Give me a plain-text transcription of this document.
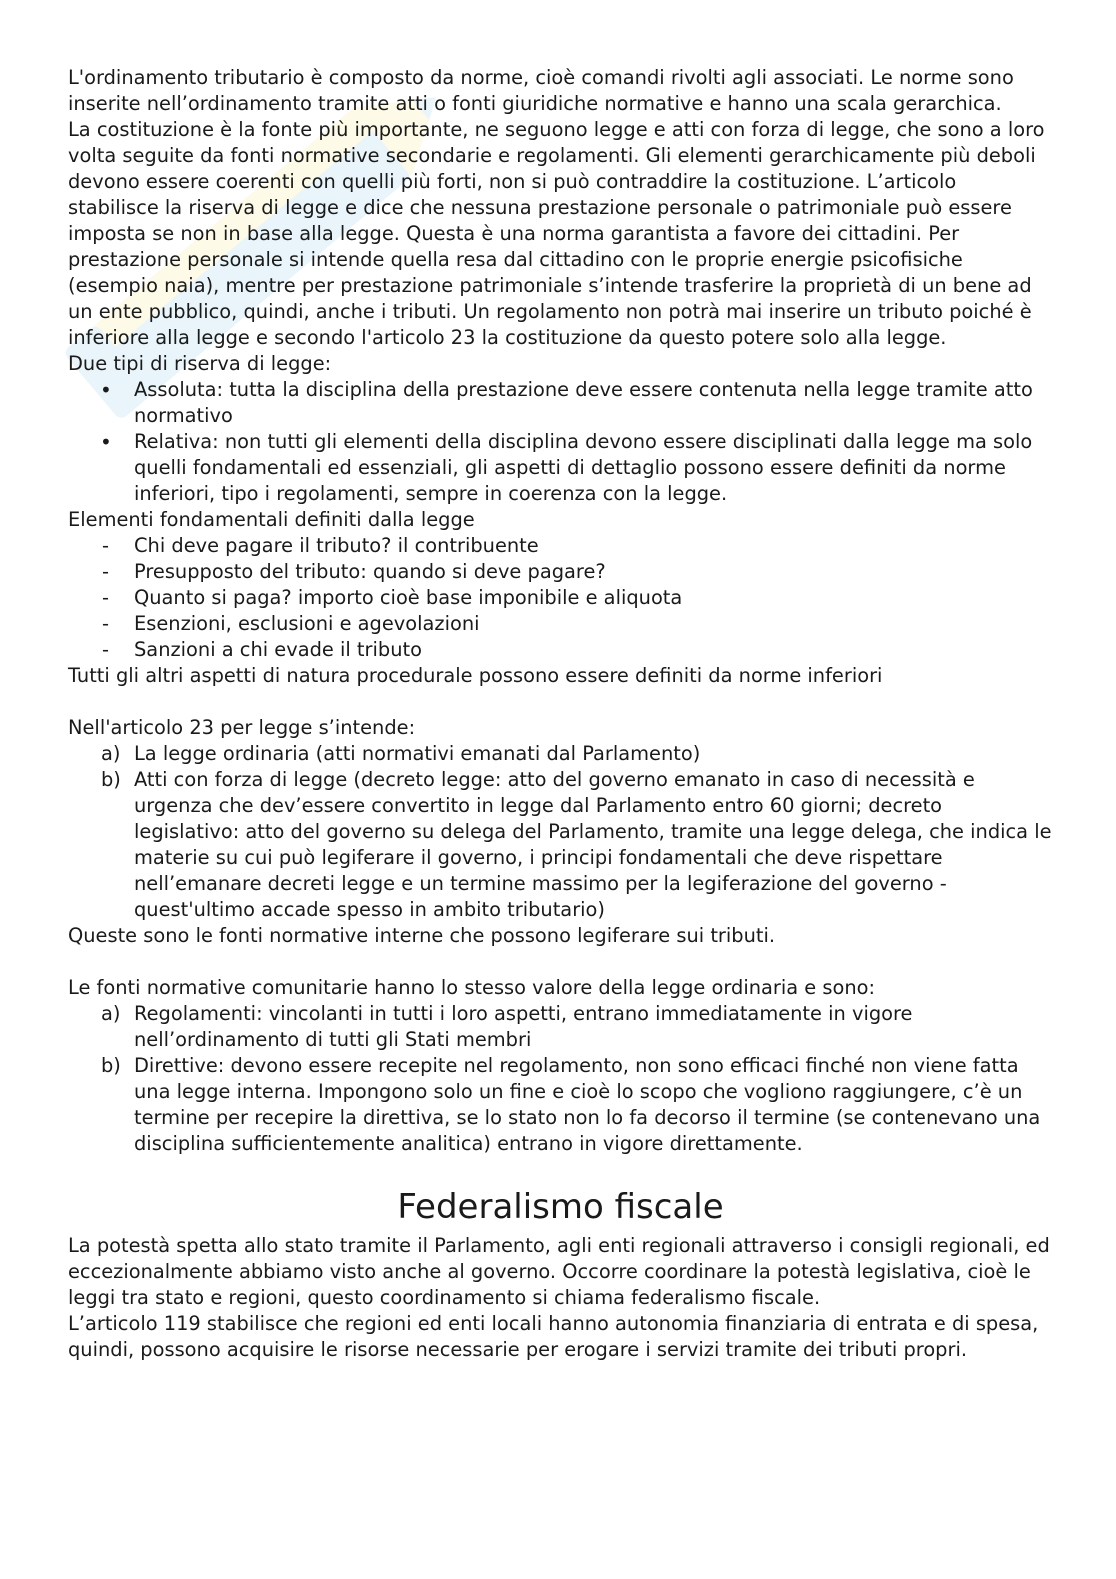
L'ordinamento tributario è composto da norme, cioè comandi rivolti agli associati. Le norme sono inserite nell’ordinamento tramite atti o fonti giuridiche normative e hanno una scala gerarchica.

La costituzione è la fonte più importante, ne seguono legge e atti con forza di legge, che sono a loro volta seguite da fonti normative secondarie e regolamenti. Gli elementi gerarchicamente più deboli devono essere coerenti con quelli più forti, non si può contraddire la costituzione. L’articolo stabilisce la riserva di legge e dice che nessuna prestazione personale o patrimoniale può essere imposta se non in base alla legge. Questa è una norma garantista a favore dei cittadini. Per prestazione personale si intende quella resa dal cittadino con le proprie energie psicofisiche (esempio naia), mentre per prestazione patrimoniale s’intende trasferire la proprietà di un bene ad un ente pubblico, quindi, anche i tributi. Un regolamento non potrà mai inserire un tributo poiché è inferiore alla legge e secondo l'articolo 23 la costituzione da questo potere solo alla legge.

Due tipi di riserva di legge:

• Assoluta: tutta la disciplina della prestazione deve essere contenuta nella legge tramite atto normativo
• Relativa: non tutti gli elementi della disciplina devono essere disciplinati dalla legge ma solo quelli fondamentali ed essenziali, gli aspetti di dettaglio possono essere definiti da norme inferiori, tipo i regolamenti, sempre in coerenza con la legge.

Elementi fondamentali definiti dalla legge

- Chi deve pagare il tributo? il contribuente
- Presupposto del tributo: quando si deve pagare?
- Quanto si paga? importo cioè base imponibile e aliquota
- Esenzioni, esclusioni e agevolazioni
- Sanzioni a chi evade il tributo

Tutti gli altri aspetti di natura procedurale possono essere definiti da norme inferiori

Nell'articolo 23 per legge s’intende:

a) La legge ordinaria (atti normativi emanati dal Parlamento)
b) Atti con forza di legge (decreto legge: atto del governo emanato in caso di necessità e urgenza che dev’essere convertito in legge dal Parlamento entro 60 giorni; decreto legislativo: atto del governo su delega del Parlamento, tramite una legge delega, che indica le materie su cui può legiferare il governo, i principi fondamentali che deve rispettare nell’emanare decreti legge e un termine massimo per la legiferazione del governo - quest'ultimo accade spesso in ambito tributario)

Queste sono le fonti normative interne che possono legiferare sui tributi.

Le fonti normative comunitarie hanno lo stesso valore della legge ordinaria e sono:

a) Regolamenti: vincolanti in tutti i loro aspetti, entrano immediatamente in vigore nell’ordinamento di tutti gli Stati membri
b) Direttive: devono essere recepite nel regolamento, non sono efficaci finché non viene fatta una legge interna. Impongono solo un fine e cioè lo scopo che vogliono raggiungere, c’è un termine per recepire la direttiva, se lo stato non lo fa decorso il termine (se contenevano una disciplina sufficientemente analitica) entrano in vigore direttamente.
Federalismo fiscale

La potestà spetta allo stato tramite il Parlamento, agli enti regionali attraverso i consigli regionali, ed eccezionalmente abbiamo visto anche al governo. Occorre coordinare la potestà legislativa, cioè le leggi tra stato e regioni, questo coordinamento si chiama federalismo fiscale.

L’articolo 119 stabilisce che regioni ed enti locali hanno autonomia finanziaria di entrata e di spesa, quindi, possono acquisire le risorse necessarie per erogare i servizi tramite dei tributi propri.
